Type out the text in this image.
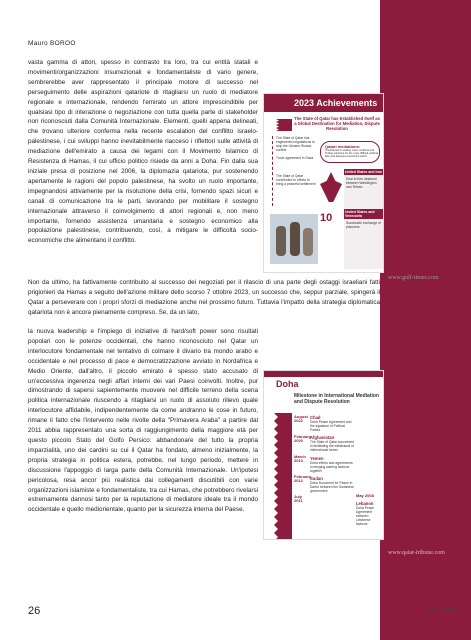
Mauro BOROO
vasta gamma di attori, spesso in contrasto tra loro, tra cui entità statali e movimenti/organizzazioni insurrezionali e fondamentaliste di vario genere, sembrerebbe aver rappresentato il principale motore di successo nel perseguimento delle aspirazioni qatariote di ritagliarsi un ruolo di mediatore regionale e internazionale, rendendo l'emirato un attore imprescindibile per qualsiasi tipo di interazione o negoziazione con tutta quella parte di stakeholder non riconosciuti dalla Comunità Internazionale. Elementi, quelli appena delineati, che trovano ulteriore conferma nella recente escalation del conflitto israelo-palestinese, i cui sviluppi hanno inevitabilmente riacceso i riflettori sulle attività di mediazione dell'emirato a causa dei legami con il Movimento Islamico di Resistenza di Hamas, il cui ufficio politico risiede da anni a Doha. Fin dalla sua iniziale presa di posizione nel 2006, la diplomazia qatariota, pur sostenendo apertamente le ragioni del popolo palestinese, ha svolto un ruolo importante, impegnandosi attivamente per la risoluzione della crisi, fornendo spazi sicuri e canali di comunicazione tra le parti, lavorando per mobilitare il sostegno internazionale attraverso il coinvolgimento di attori regionali e, non meno importante, fornendo assistenza umanitaria e sostegno economico alla popolazione palestinese, contribuendo, così, a mitigare le difficoltà socio-economiche che alimentano il conflitto.
2023 Achievements
The State of Qatar has Established Itself as a Global Destination for Mediation, Dispute Resolution
The State of Qatar has engineered negotiations to stop the Ukraine-Russia conflict
Truce agreement in Gaza
The State of Qatar contributed to efforts to bring a peaceful settlement
Qatari mediations:
Contributed to settling many conflicts and finding solutions for the most difficult political files and disputes around the world
10
United States and Iran
Deal to free detained between Washington and Tehran
United States and Venezuela
Successful exchange of prisoners
www.gulf-times.com
Non da ultimo, ha fattivamente contribuito al successo dei negoziati per il rilascio di una parte degli ostaggi israeliani fatti prigionieri da Hamas a seguito dell'azione militare dello scorso 7 ottobre 2023, un successo che, seppur parziale, spingerà il Qatar a perseverare con i propri sforzi di mediazione anche nel prossimo futuro. Tuttavia l'impatto della strategia diplomatica qatariota non è ancora pienamente compreso. Se, da un lato,
la nuova leadership e l'impiego di iniziative di hard/soft power sono risultati popolari con le potenze occidentali, che hanno riconosciuto nel Qatar un interlocutore fondamentale nel tentativo di colmare il divario tra mondo arabo e occidentale e nel processo di pace e democratizzazione avviato in Nordafrica e Medio Oriente, dall'altro, il piccolo emirato è spesso stato accusato di un'eccessiva ingerenza negli affari interni dei vari Paesi coinvolti. Inoltre, pur dimostrando di sapersi sapientemente muovere nel difficile terreno della scena politica internazionale riuscendo a ritagliarsi un ruolo di assoluto rilievo quale interlocutore affidabile, indipendentemente da come andranno le cose in futuro, rimane il fatto che l'intervento nelle rivolte della "Primavera Araba" a partire dal 2011 abbia rappresentato una sorta di raggiungimento della maggiore età per questo piccolo Stato del Golfo Persico: abbandonare del tutto la propria imparzialità, uno dei cardini su cui il Qatar ha fondato, almeno inizialmente, la propria strategia in politica estera, potrebbe, nel lungo periodo, mettere in discussione l'appoggio di larga parte della Comunità Internazionale. Un'ipotesi pericolosa, resa ancor più realistica dai collegamenti discutibili con varie organizzazioni islamiste e fondamentaliste, tra cui Hamas, che potrebbero rivelarsi estremamente dannosi tanto per la reputazione di mediatore ideale tra il mondo occidentale e quello mediorientale, quanto per la sicurezza interna del Paese.
Doha
Milestone in International Mediation and Dispute Resolution
August 2022
February 2020
March 2013
February 2012
July 2011
Chad
Doha Peace Agreement and the signature of Political Parties
Afghanistan
The State of Qatar succeeded in facilitating the withdrawal of international forces
Yemen
Doha efforts and agreements in bringing warring factions together
Sudan
Doha Document for Peace in Darfur between the Sudanese government
May 2008
Lebanon
Doha Peace Agreement between Lebanese factions
www.qatar-tribune.com
26	ID 3/2024
